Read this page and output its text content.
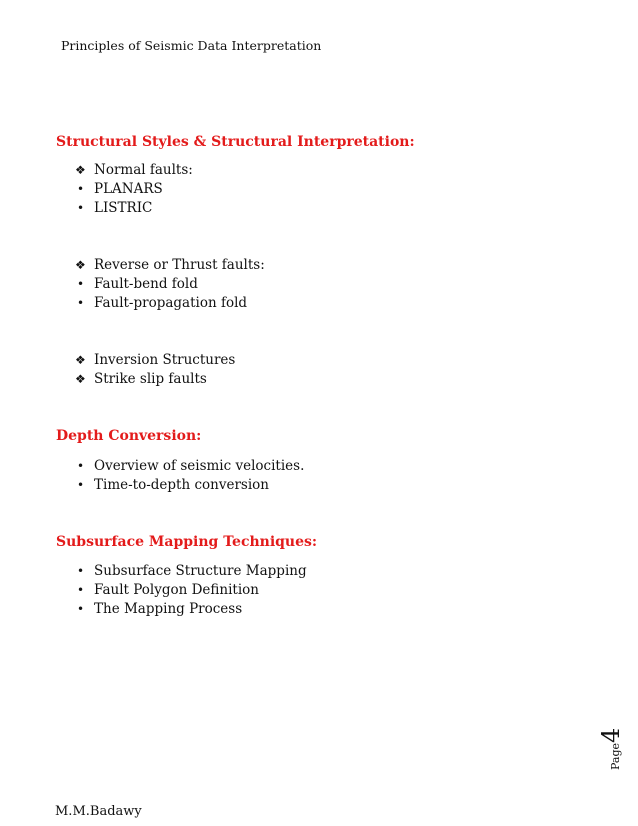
Principles of Seismic Data Interpretation
Structural Styles & Structural Interpretation:
❖ Normal faults:
• PLANARS
• LISTRIC
❖ Reverse or Thrust faults:
• Fault-bend fold
• Fault-propagation fold
❖ Inversion Structures
❖ Strike slip faults
Depth Conversion:
• Overview of seismic velocities.
• Time-to-depth conversion
Subsurface Mapping Techniques:
• Subsurface Structure Mapping
• Fault Polygon Definition
• The Mapping Process
Page4
M.M.Badawy
